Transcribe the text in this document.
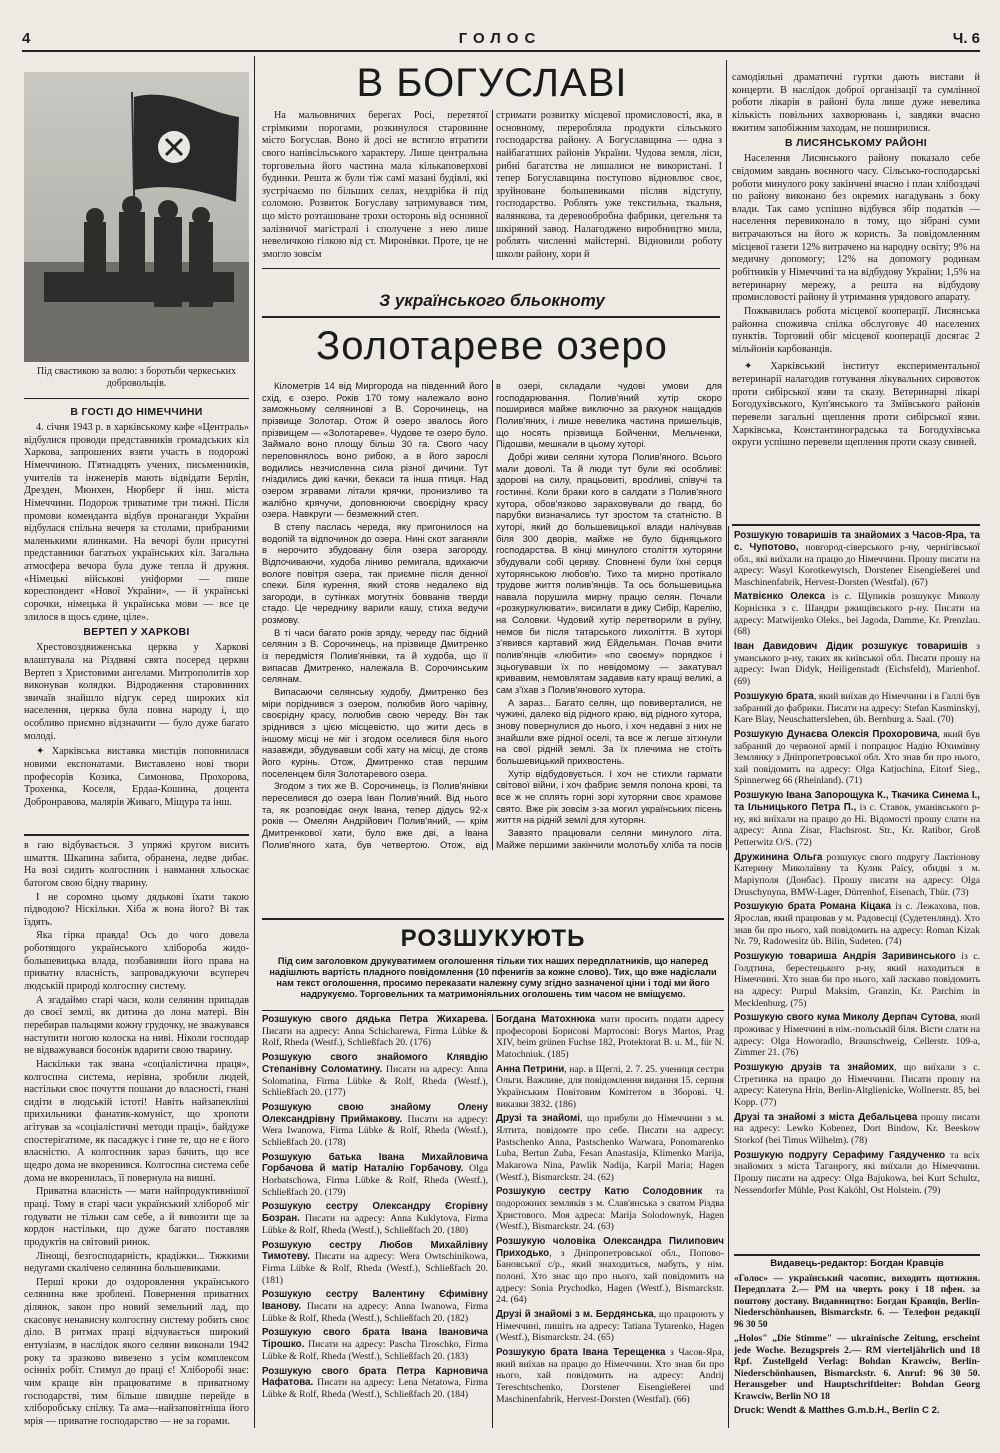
4	ГОЛОС	Ч. 6
Під свастикою за волю: з боротьби черкеських добровольців.
В ГОСТІ ДО НІМЕЧЧИНИ

4. січня 1943 р. в харківському кафе «Централь» відбулися проводи представників громадських кіл Харкова, запрошених взяти участь в подорожі Німеччиною. П'ятнадцять учених, письменників, учителів та інженерів мають відвідати Берлін, Дрезден, Мюнхен, Нюрберг й інш. міста Німеччини. Подорож триватиме три тижні. Після промови коменданта відбув пронаганди України відбулася спільна вечеря за столами, прибраними маленькими ялинками. На вечорі були присутні представники багатьох українських кіл. Загальна атмосфера вечора була дуже тепла й дружня. «Німецькі військові уніформи — пише кореспондент «Нової України», — й українські сорочки, німецька й українська мови — все це злилося в щось єдине, ціле».

ВЕРТЕП У ХАРКОВІ

Хрестовоздвиженська церква у Харкові влаштувала на Різдвяні свята посеред церкви Вертеп з Христовими ангелами. Митрополитів хор виконував колядки. Відродження старовинних звичаїв знайшло відгук серед широких кіл населення, церква була повна народу і, що особливо приємно відзначити — було дуже багато молоді.

✦ Харківська виставка мистців поповнилася новими експонатами. Виставлено нові твори професорів Козика, Симонова, Прохорова, Трохенка, Коселя, Ердаа-Кошина, доцента Добронравова, малярів Живаго, Міщура та інш.

в гаю відбувається. З упряжі кругом висить шмаття. Шкапина забита, обранена, ледве дибає. На возі сидить колгоспник і навмання хльоскає батогом свою бідну тварину.

І не соромно цьому дядькові їхати такою підводою? Ніскільки. Хіба ж вона його? Ві так їздять.

Яка гірка правда! Ось до чого довела роботящого українського хлібороба жидо-большевицька влада, позбавивши його права на приватну власність, запроваджуючи всупереч людській природі колгоспну систему.

А згадаймо старі часи, коли селянин припадав до своєї землі, як дитина до лона матері. Він перебирав пальцями кожну грудочку, не зважувався наступити ногою колоска на ниві. Ніколи господар не відважувався босоніж вдарити свою тварину.

Наскільки так звана «соціалістична праця», колгоспна система, нерівна, зробили людей, настільки своє почуття пошани до власності, гнані сидіти в людській істоті! Навіть найзапекліші прихильники фанатик-комуніст, що хропоти агітував за «соціалістичні методи праці», байдуже спостерігатиме, як пасаджує і гине те, що не є його власністю. А колгоспник зараз бачить, що все щедро дома не вкоренився. Колгоспна система себе дома не вкоренилась, її повернула на вишні.

Приватна власність — мати найпродуктивнішої праці. Тому в старі часи український хлібороб міг годувати не тільки сам себе, а й вивозити ще за кордон настільки, що дуже багато поставляв продуктів на світовий ринок.

Лінощі, безгосподарність, крадіжки... Тяжкими недугами скалічено селянина большевиками.

Перші кроки до оздоровлення українського селянина вже зроблені. Повернення приватних ділянок, закон про новий земельний лад, що скасовує ненависну колгоспну систему робить своє діло. В ритмах праці відчувається широкий ентузіазм, в наслідок якого селяни виконали 1942 року та зразково вивезено з усім комплексом осінніх робіт. Стимул до праці є! Хліборобі знає: чим краще він працюватиме в приватному господарстві, тим більше швидше перейде в хліборобську спілку. Та ама—найзаповітніша його мрія — приватне господарство — не за горами.

В БОГУСЛАВІ

На мальовничих берегах Росі, перетятої стрімкими порогами, розкинулося старовинне місто Богуслав. Воно й досі не встигло втратити свого напівсільського характеру. Лише центральна торговельна його частина мала кількаповерхові будинки. Решта ж були тіж самі мазані будівлі, які зустрічаємо по більших селах, нездрібка й під соломою. Розвиток Богуславу затримувався тим, що місто розташоване трохи осторонь від основної залізничої магістралі і сполучене з нею лише невеличкою гілкою від ст. Миронівки. Проте, це не змогло зовсім

стримати розвитку місцевої промисловості, яка, в основному, переробляла продукти сільського господарства району. А Богуславщина — одна з найбагатших районів України. Чудова земля, ліси, рибні багатства не лишалися не використані. І тепер Богуславщина поступово відновлює своє, зруйноване большевиками післяв відступу, господарство. Роблять уже текстильна, ткальня, валянкова, та деревообробна фабрики, цегельня та шкіряний завод. Налагоджено виробництво мила, роблять численні майстерні. Відновили роботу школи району, хори й

самодіяльні драматичні гуртки дають вистави й концерти. В наслідок доброї організації та сумлінної роботи лікарів в районі була лише дуже невелика кількість повільних захворювань і, завдяки вчасно вжитим запобіжним заходам, не поширилися.

В ЛИСЯНСЬКОМУ РАЙОНІ

Населення Лисянського району показало себе свідомим завдань воєнного часу. Сільсько-господарські роботи минулого року закінчені вчасно і план хлібоздачі по району виконано без окремих нагадувань з боку влади. Так само успішно відбувся збір податків — населення перевиконало в тому, що зібрані суми витрачаються на його ж користь. За повідомленням місцевої газети 12% витрачено на народну освіту; 9% на медичну допомогу; 12% на допомогу родинам робітників у Німеччині та на відбудову України; 1,5% на ветеринарну мережу, а решта на відбудову промисловості району й утримання урядового апарату.

Пожвавилась робота місцевої кооперації. Лисянська районна споживча спілка обслуговує 40 населених пунктів. Торговий обіг місцевої кооперації досягає 2 мільйонів карбованців.

✦ Харківський інститут експериментальної ветеринарії налагодив готування лікувальних сировоток проти сибірської язви та сказу. Ветеринарні лікарі Богодухівського, Куп'янського та Зміївського районів перевели загальні щеплення проти сибірської язви. Харківська, Константиноградська та Богодухівська округи успішно перевели щеплення проти сказу свиней.

З українського бльокноту
Золотареве озеро

Кілометрів 14 від Миргорода на південний його схід, є озеро. Років 170 тому належало воно заможньому селянинові з В. Сорочинець, на прізвище Золотар. Отож й озеро звалось його прізвищем — «Золотареве». Чудове те озеро було. Займало воно площу більш 30 га. Свого часу переповнялось воно рибою, а в його зарослі водились незчисленна сила різної дичини. Тут гніздились дикі качки, бекаси та інша птиця. Над озером згравами літали крячки, пронизливо та жалібно крячучи, доповнюючи своєрідну красу озера. Навкруги — безмежний степ.

В степу паслась череда, яку пригонилося на водопій та відпочинок до озера. Нині скот заганяли в нерочито збудовану біля озера загороду. Відпочиваючи, худоба ліниво ремигала, вдихаючи вологе повітря озера, так приємне після денної спеки. Біля курення, який стояв недалеко від загороди, в сутінках могутніх бовванів тверди стадо. Це череднику варили кашу, стиха ведучи розмову.

В ті часи багато років зряду, череду пас бідний селянин з В. Сорочинець, на прізвище Дмитренко із передмістя Полив'янівки, та й худоба, що її випасав Дмитренко, належала В. Сорочинським селянам.

Випасаючи селянську худобу, Дмитренко без міри поріднився з озером, полюбив його чарівну, своєрідну красу, полюбив свою череду. Він так зріднився з цією місцевістю, що жити десь в іншому місці не міг і згодом оселився біля нього назавжди, збудувавши собі хату на місці, де стояв його курінь. Отож, Дмитренко став першим поселенцем біля Золотаревого озера.

Згодом з тих же В. Сорочинець, із Полив'янівки переселився до озера Іван Полив'яний. Від нього та, як розповідає онук Івана, тепер дідусь 92-х років — Омелян Андрійович Полив'яний, — крім Дмитренкової хати, було вже дві, а Івана Полив'яного хата, був четвертою. Отож, від

в озері, складали чудові умови для господарювання. Полив'яний хутір скоро поширився майже виключно за рахунок нащадків Полив'яних, і лише невелика частина пришельців, що носять прізвища Бойченки, Мельченки, Підошви, мешкали в цьому хуторі.

Добрі живи селяни хутора Полив'яного. Всього мали доволі. Та й люди тут були які особливі: здорові на силу, працьовиті, врodливі, співучі та гостинні. Коли браки кого в салдати з Полив'яного хутора, обов'язково зараховували до гвард, бо парубки визначались тут зростом та статністю. В хуторі, який до большевицької влади налічував біля 300 дворів, майже не було бідняцького господарства. В кінці минулого століття хуторяни збудували собі церкву. Сповнені були їхні серця хуторянською любов'ю. Тихо та мирно протікало трудове життя полив'янців. Та ось большевицька навала порушила мирну працю селян. Почали «розкуркулювати», висилати в дику Сибір, Карелію, на Соловки. Чудовий хутір перетворили в руїну, немов би після татарського лихоліття. В хуторі з'явився картавий жид Ейдельман. Почав вчити полив'янців «любити» «по своєму» порядкоє і зцьогувавши їх по невідомому — закатувал кривавим, немовлятам задавив кату кращі великі, а сам з'їхав з Полив'янового хутора.

А зараз... Багато селян, що повиверталися, не чужині, далеко від рідного краю, від рідного хутора, знову повернулися до нього, і хоч недавні з них не знайшли вже рідної оселі, та все ж легше зітхнули на свої рідній землі. За їх плечима не стоїть большевицький прихвостень.

Хутір відбудовується. І хоч не стихли гармати світової війни, і хоч фабриє земля полона крові, та все ж не сплять горні зорі хуторяни своє храмове свято. Вже рік зовсім з-за могил українських пісень життя на рідній землі для хуторян.

Завзято працювали селяни минулого літа. Майже першими закінчили молотьбу хліба та посів

РОЗШУКУЮТЬ
Під сим заголовком друкуватимем оголошення тільки тих наших передплатників, що наперед надішлють вартість пладного повідомлення (10 пфенигів за кожне слово). Тих, що вже надіслали нам текст оголошення, просимо переказати належну суму згідно зазначеної ціни і тоді ми його надрукуємо. Торговельних та матримоніяльних оголошень тим часом не вміщуємо.
Розшукую свого дядька Петра Жихарева. Писати на адресу: Anna Schicharewa, Firma Lübke & Rolf, Rheda (Westf.), Schließfach 20. (176)
Розшукую свого знайомого Клявдію Степанівну Соломатину. Писати на адресу: Anna Solomatina, Firma Lübke & Rolf, Rheda (Westf.), Schließfach 20. (177)
Розшукую свою знайому Олену Олександрівну Приймакову. Писати на адресу: Wera Iwanowa, Firma Lübke & Rolf, Rheda (Westf.), Schließfach 20. (178)
Розшукую батька Івана Михайловича Горбачова й матір Наталію Горбачову. Olga Horbatschowa, Firma Lübke & Rolf, Rheda (Westf.), Schließfach 20. (179)
Розшукую сестру Олександру Єгорівну Бозран. Писати на адресу: Anna Kuklytova, Firma Lübke & Rolf, Rheda (Westf.), Schließfach 20. (180)
Розшукую сестру Любов Михайлівну Тимотеву. Писати на адресу: Wera Owtschinikowa, Firma Lübke & Rolf, Rheda (Westf.), Schließfach 20. (181)
Розшукую сестру Валентину Єфимівну Іванову. Писати на адресу: Anna Iwanowa, Firma Lübke & Rolf, Rheda (Westf.), Schließfach 20. (182)
Розшукую свого брата Івана Івановича Тірошко. Писати на адресу: Pascha Tiroschko, Firma Lübke & Rolf, Rheda (Westf.), Schließfach 20. (183)
Розшукую свого брата Петра Карновича Нафатова. Писати на адресу: Lena Netatowa, Firma Lübke & Rolf, Rheda (Westf.), Schließfach 20. (184)
Богдана Матохнюка мати просить подати адресу професорові Борисові Мартосові: Borys Martos, Prag XIV, beim grünen Fuchse 182, Protektorat B. u. M., für N. Matochniuk. (185)
Анна Петрини, нар. в Щеглі, 2. 7. 25. учениця сестри Ольги. Важливе, для повідомлення видання 15. серпня Українським Повітовим Комітетом в Зборові. Ч. виказки 3832. (186)
Друзі та знайомі, що прибули до Німеччини з м. Ялтита, повідомте про себе. Писати на адресу: Pastschenko Anna, Pastschenko Warwara, Ponomarenko Luba, Bertun Zuba, Fesan Anastasija, Klimenko Marija, Makarowa Nina, Pawlik Nadija, Karpil Maria; Hagen (Westf.), Bismarckstr. 24. (62)
Розшукую сестру Катю Солодовник та подорожних земляків з м. Слав'янська з сватом Різдва Христового. Моя адреса: Marija Solodownyk, Hagen (Westf.), Bismarckstr. 24. (63)
Розшукую чоловіка Олександра Пилипович Приходько, з Дніпропетровської обл., Попово-Бановської с/р., який знаходиться, мабуть, у нім. полоні. Хто знає що про нього, хай повідомить на адресу: Sonia Prychodko, Hagen (Westf.), Bismarckstr. 24. (64)
Друзі й знайомі з м. Бердянська, що працюють у Німеччині, пишіть на адресу: Tatiana Tytarenko, Hagen (Westf.), Bismarckstr. 24. (65)
Розшукую брата Івана Терещенка з Часов-Яра, який виїхав на працю до Німеччини. Хто знав би про нього, хай повідомить на адресу: Andrij Tereschtschenko, Dorstener Eisengießerei und Maschinenfabrik, Hervest-Dorsten (Westfal). (66)
Розшукую товаришів та знайомих з Часов-Яра, та с. Чупотово, новгород-сіверського р-ну, чернігівської обл., які виїхали на працю до Німеччини. Прошу писати на адресу: Wasyl Korotkewytsch, Dorstener Eisengießerei und Maschinenfabrik, Hervest-Dorsten (Westfal). (67)
Матвієнко Олекса із с. Щупиків розшукує Миколу Корнієнка з с. Шандри ржищівського р-ну. Писати на адресу: Matwijenko Oleks., bei Jagoda, Damme, Kr. Prenzlau. (68)
Іван Давидович Дідик розшукує товаришів з уманського р-ну, таких як київської обл. Писати прошу на адресу: Iwan Didyk, Heiligenstadt (Eichsfeld), Marienhof. (69)
Розшукую брата, який виїхав до Німеччини і в Галлі був забраний до фабрики. Писати на адресу: Stefan Kasminskyj, Kare Blay, Neuschattersleben, üb. Bernburg a. Saal. (70)
Розшукую Дунаєва Олексія Прохоровича, який був забраний до червоної армії і попрацює Надію Юхимівну Землянку з Дніпропетровської обл. Хто знав би про нього, хай повідомить на адресу: Olga Katjuchina, Eitorf Sieg., Spinnerweg 66 (Rheinland). (71)
Розшукую Івана Запорощука К., Ткачика Синема І., та Ільницького Петра П., із с. Ставок, уманівського р-ну, які виїхали на працю до Ні. Відомості прошу слати на адресу: Anna Zisar, Flachsrost. Str., Kr. Ratibor, Groß Petterwitz O/S. (72)
Дружинина Ольга розшукує свого подругу Лактіонову Катерину Миколаївну та Кулик Раїсу, обидві з м. Маріуполя (Донбас). Прошу писати на адресу: Olga Druschynyna, BMW-Lager, Dürrenhof, Eisenach, Thür. (73)
Розшукую брата Романа Кіцака із с. Лежахова, пов. Ярослав, який працював у м. Радовесці (Судетенлянд). Хто знав би про нього, хай повідомить на адресу: Roman Kizak Nr. 79, Radowesitz üb. Bilin, Sudeten. (74)
Розшукую товариша Андрія Заривинського із с. Голдтина, берестецького р-ну, який находиться в Німеччині. Хто знав би про нього, хай ласкаво повідомить на адресу: Purpul Maksim, Granzin, Kr. Parchim in Mecklenburg. (75)
Розшукую свого кума Миколу Дерпач Сутова, який проживає у Німеччині в нім.-польській біля. Вісти слати на адресу: Olga Howoradlo, Braunschweig, Cellerstr. 109-а, Zimmer 21. (76)
Розшукую друзів та знайомих, що виїхали з с. Стретинка на працю до Німеччини. Писати прошу на адресу: Kateryna Hrin, Berlin-Altglienicke, Wollnerstr. 85, bei Kopp. (77)
Друзі та знайомі з міста Дебальцева прошу писати на адресу: Lewko Kobenez, Dort Bindow, Kr. Beeskow Storkof (bei Timus Wilhelm). (78)
Розшукую подругу Серафиму Гаядученко та всіх знайомих з міста Таганрогу, які виїхали до Німеччини. Прошу писати на адресу: Olga Bajukowa, bei Kurt Schultz, Nessendorfer Mühle, Post Kaköhl, Ost Holstein. (79)
Видавець-редактор: Богдан Кравців
«Голос» — український часопис, виходить щотижня. Передплата 2.— РМ на чверть року і 18 пфен. за поштову доставу. Видавництво: Богдан Кравців, Berlin-Niederschönhausen, Bismarckstr. 6. — Телефон редакції 96 30 50
„Holos" „Die Stimme" — ukrainische Zeitung, erscheint jede Woche. Bezugspreis 2.— RM vierteljährlich und 18 Rpf. Zustellgeld Verlag: Bohdan Krawciw, Berlin-Niederschönhausen, Bismarckstr. 6. Anruf: 96 30 50. Herausgeber und Hauptschriftleiter: Bohdan Georg Krawciw, Berlin NO 18
Druck: Wendt & Matthes G.m.b.H., Berlin C 2.
